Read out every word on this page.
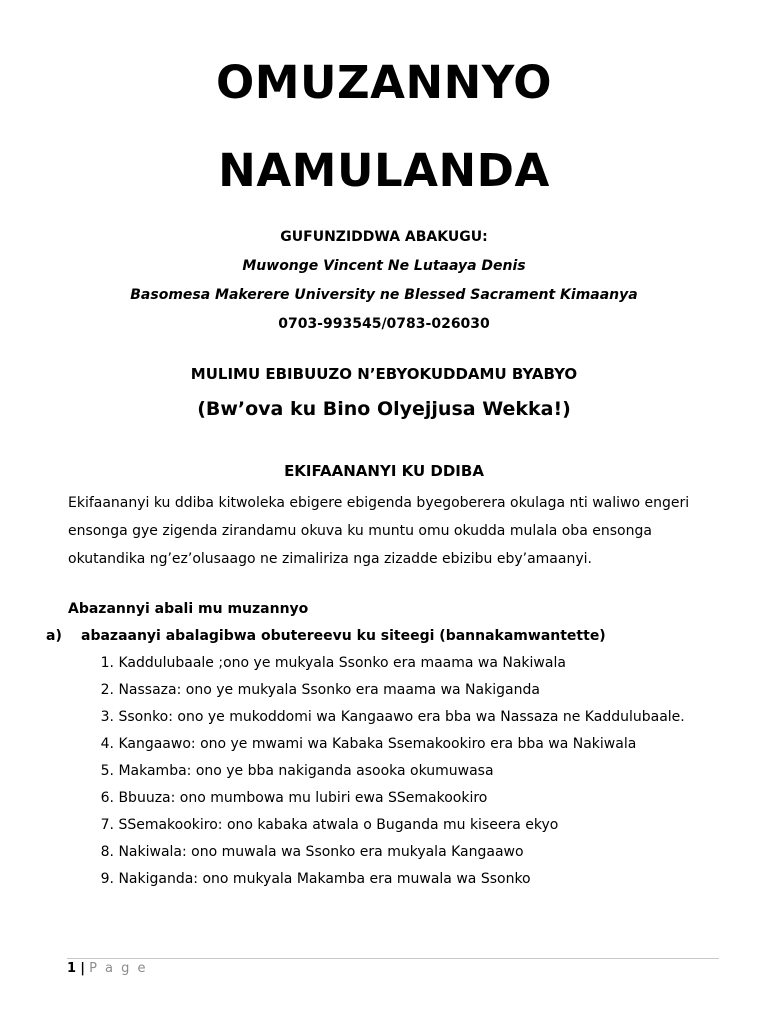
OMUZANNYO
NAMULANDA
GUFUNZIDDWA ABAKUGU:
Muwonge Vincent Ne Lutaaya Denis
Basomesa Makerere University ne Blessed Sacrament Kimaanya
0703-993545/0783-026030
MULIMU EBIBUUZO N’EBYOKUDDAMU BYABYO
(Bw’ova ku Bino Olyejjusa Wekka!)
EKIFAANANYI KU DDIBA
Ekifaananyi ku ddiba kitwoleka ebigere ebigenda byegoberera okulaga nti waliwo engeri ensonga gye zigenda zirandamu okuva ku muntu omu okudda mulala oba ensonga okutandika ng’ez’olusaago ne zimaliriza nga zizadde ebizibu eby’amaanyi.
Abazannyi abali mu muzannyo
a) abazaanyi abalagibwa obutereevu ku siteegi (bannakamwantette)
1. Kaddulubaale ;ono ye mukyala Ssonko era maama wa Nakiwala
2. Nassaza: ono ye mukyala Ssonko era maama wa Nakiganda
3. Ssonko: ono ye mukoddomi wa Kangaawo era bba wa Nassaza ne Kaddulubaale.
4. Kangaawo: ono ye mwami wa Kabaka Ssemakookiro era bba wa Nakiwala
5. Makamba: ono ye bba nakiganda asooka okumuwasa
6. Bbuuza: ono mumbowa mu lubiri ewa SSemakookiro
7. SSemakookiro: ono kabaka atwala o Buganda mu kiseera ekyo
8. Nakiwala: ono muwala wa Ssonko era mukyala Kangaawo
9. Nakiganda: ono mukyala Makamba era muwala wa Ssonko
1 | P a g e
